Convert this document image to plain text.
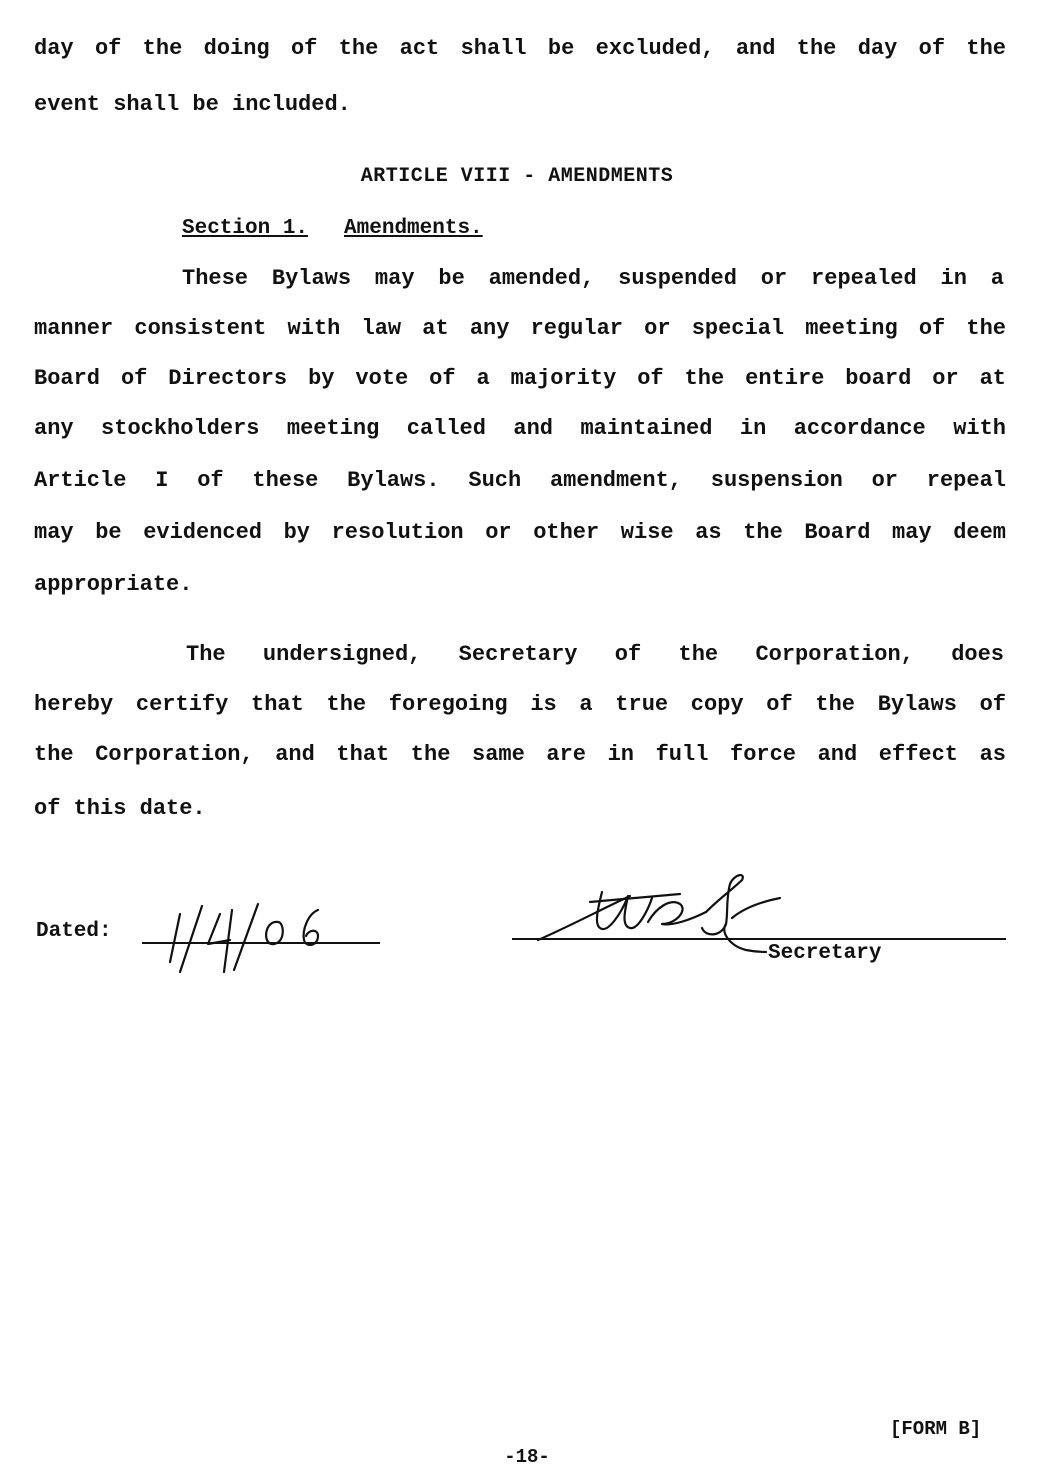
day of the doing of the act shall be excluded, and the day of the
event shall be included.
ARTICLE VIII - AMENDMENTS
Section 1. Amendments.
These Bylaws may be amended, suspended or repealed in a
manner consistent with law at any regular or special meeting of the
Board of Directors by vote of a majority of the entire board or at
any stockholders meeting called and maintained in accordance with
Article I of these Bylaws. Such amendment, suspension or repeal
may be evidenced by resolution or other wise as the Board may deem
appropriate.
The undersigned, Secretary of the Corporation, does
hereby certify that the foregoing is a true copy of the Bylaws of
the Corporation, and that the same are in full force and effect as
of this date.
Dated:
Secretary
[FORM B]
-18-
